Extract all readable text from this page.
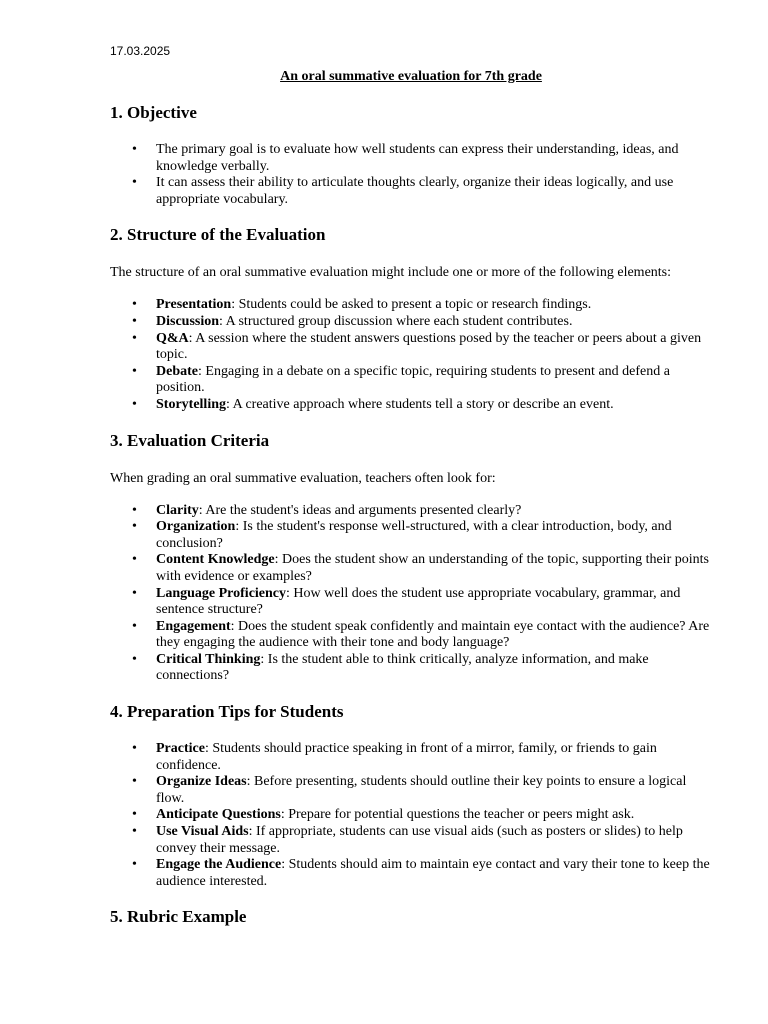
17.03.2025
An oral summative evaluation for 7th grade
1. Objective
• The primary goal is to evaluate how well students can express their understanding, ideas, and knowledge verbally.
• It can assess their ability to articulate thoughts clearly, organize their ideas logically, and use appropriate vocabulary.
2. Structure of the Evaluation

The structure of an oral summative evaluation might include one or more of the following elements:

• Presentation: Students could be asked to present a topic or research findings.
• Discussion: A structured group discussion where each student contributes.
• Q&A: A session where the student answers questions posed by the teacher or peers about a given topic.
• Debate: Engaging in a debate on a specific topic, requiring students to present and defend a position.
• Storytelling: A creative approach where students tell a story or describe an event.
3. Evaluation Criteria

When grading an oral summative evaluation, teachers often look for:

• Clarity: Are the student's ideas and arguments presented clearly?
• Organization: Is the student's response well-structured, with a clear introduction, body, and conclusion?
• Content Knowledge: Does the student show an understanding of the topic, supporting their points with evidence or examples?
• Language Proficiency: How well does the student use appropriate vocabulary, grammar, and sentence structure?
• Engagement: Does the student speak confidently and maintain eye contact with the audience? Are they engaging the audience with their tone and body language?
• Critical Thinking: Is the student able to think critically, analyze information, and make connections?
4. Preparation Tips for Students
• Practice: Students should practice speaking in front of a mirror, family, or friends to gain confidence.
• Organize Ideas: Before presenting, students should outline their key points to ensure a logical flow.
• Anticipate Questions: Prepare for potential questions the teacher or peers might ask.
• Use Visual Aids: If appropriate, students can use visual aids (such as posters or slides) to help convey their message.
• Engage the Audience: Students should aim to maintain eye contact and vary their tone to keep the audience interested.
5. Rubric Example
